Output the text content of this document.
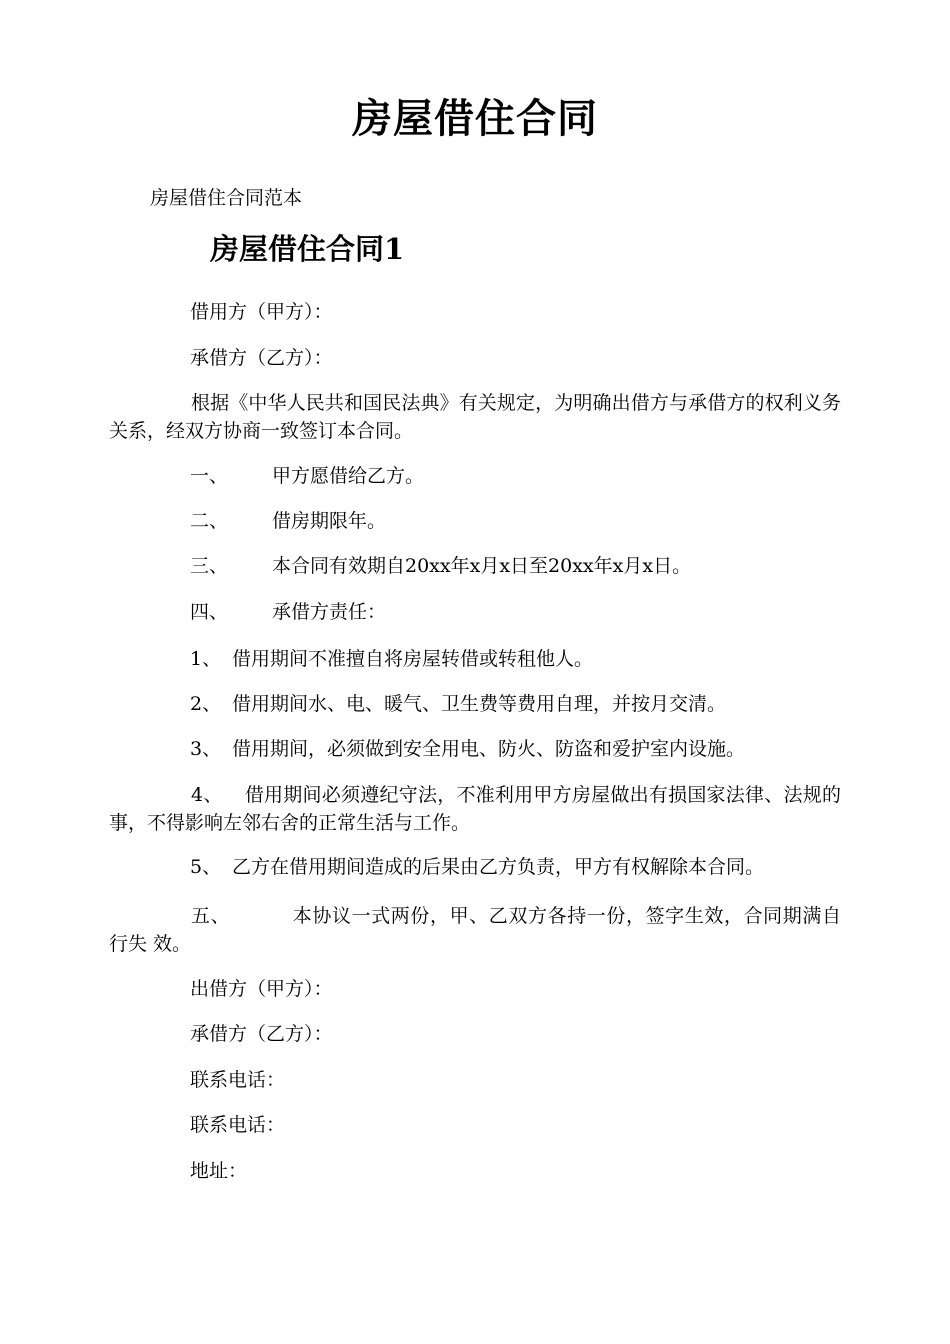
房屋借住合同
房屋借住合同范本
房屋借住合同1
借用方（甲方）：
承借方（乙方）：
根据《中华人民共和国民法典》有关规定，为明确出借方与承借方的权利义务关系，经双方协商一致签订本合同。
一、 甲方愿借给乙方。
二、 借房期限年。
三、 本合同有效期自20xx年x月x日至20xx年x月x日。
四、 承借方责任：
1、 借用期间不准擅自将房屋转借或转租他人。
2、 借用期间水、电、暖气、卫生费等费用自理，并按月交清。
3、 借用期间，必须做到安全用电、防火、防盗和爱护室内设施。
4、 借用期间必须遵纪守法，不准利用甲方房屋做出有损国家法律、法规的事，不得影响左邻右舍的正常生活与工作。
5、 乙方在借用期间造成的后果由乙方负责，甲方有权解除本合同。
五、	本协议一式两份，甲、乙双方各持一份，签字生效，合同期满自行失 效。
出借方（甲方）：
承借方（乙方）：
联系电话：
联系电话：
地址：
